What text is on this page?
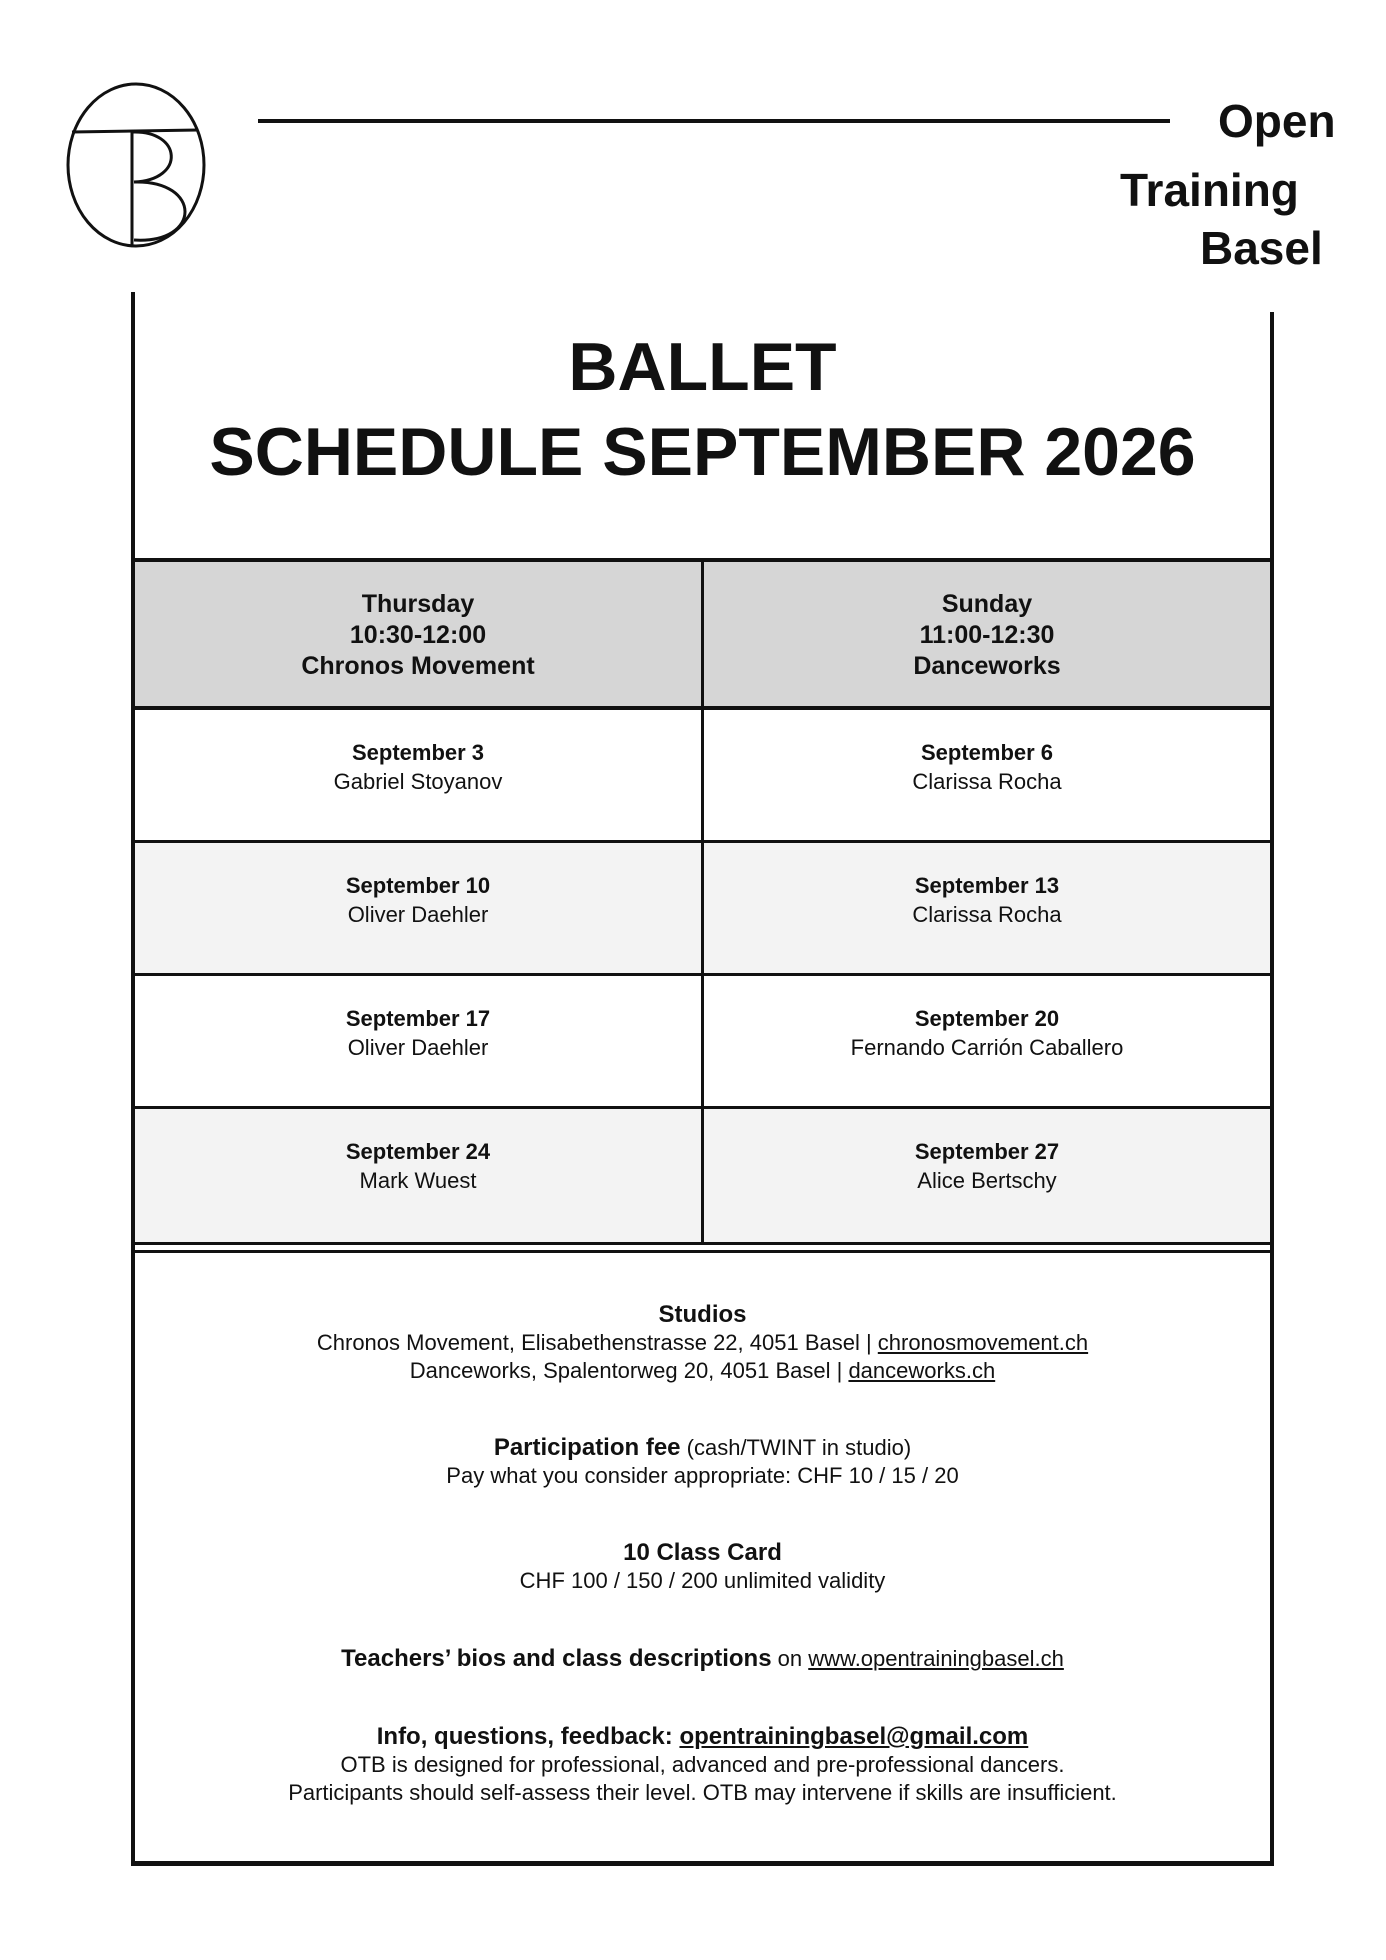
Open
Training
Basel
BALLET
SCHEDULE SEPTEMBER 2026
Thursday
10:30-12:00
Chronos Movement
Sunday
11:00-12:30
Danceworks
September 3
Gabriel Stoyanov
September 6
Clarissa Rocha
September 10
Oliver Daehler
September 13
Clarissa Rocha
September 17
Oliver Daehler
September 20
Fernando Carrión Caballero
September 24
Mark Wuest
September 27
Alice Bertschy
Studios
Chronos Movement, Elisabethenstrasse 22, 4051 Basel | chronosmovement.ch
Danceworks, Spalentorweg 20, 4051 Basel | danceworks.ch
Participation fee (cash/TWINT in studio)
Pay what you consider appropriate: CHF 10 / 15 / 20
10 Class Card
CHF 100 / 150 / 200 unlimited validity
Teachers’ bios and class descriptions on www.opentrainingbasel.ch
Info, questions, feedback: opentrainingbasel@gmail.com
OTB is designed for professional, advanced and pre-professional dancers.
Participants should self-assess their level. OTB may intervene if skills are insufficient.
